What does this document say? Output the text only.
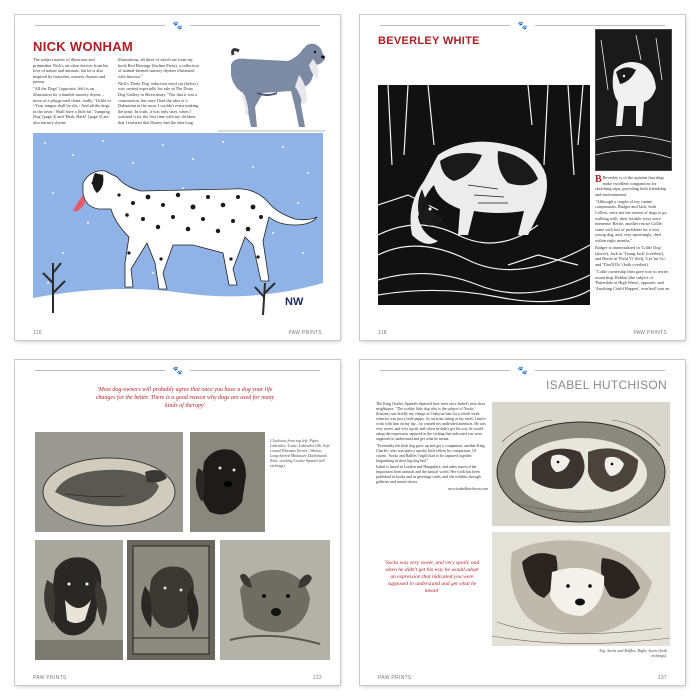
🐾
NICK WONHAM

The subject matter of illustrator and printmaker Nick's art often derives from his love of nature and animals, but he is also inspired by fairytales, nursery rhymes and poems.

"All the Dogs" (opposite, left) is an illustration for a humble nursery rhyme – more of a playground chant, really: 'Tickle tit / Your tongue shall be slit, / And all the dogs in the town / Shall have a little bit.' 'Jumping Dog' [page 4] and 'Hark, Hark!' [page 5] are also nursery rhyme

illustrations, all three of which are from my book Red Herrings (Incline Press), a collection of animal-themed nursery rhymes illustrated with linocuts."

Nick's 'Dotty Dog' reduction vinyl cut (below) was created especially for sale in The Dotty Dog Gallery in Shrewsbury. "Not that it was a commission, but once I had the idea of a Dalmatian in the snow I couldn't resist making the print. In truth, it was only later, when I watched it for the first time with my children, that I realized that Disney had the idea long

NW
116	PAW PRINTS
🐾
BEVERLEY WHITE

B Beverley is of the opinion that dogs make excellent companions for sketching trips, providing both friendship and entertainment.

"Although a couple of my canine companions, Badger and Jack, both Collies, were not the easiest of dogs to go walking with, their lovable ways were immense. Bertie, another rescue Collie, came with lots of problems for a very young dog, and, very upsettingly, died within eight months."

Badger is immortalized in 'Collie Dog' (above), Jack in 'Young Jack' (overleaf), and Bertie in 'Field Vi' (left), 'Let 'im Go' and 'That'll Do' (both overleaf).

"Collie ownership then gave way to terrier ownership. Robbie [the subject of 'Patterdale at High Water', opposite, and 'Anything Could Happen', overleaf] was an

118	PAW PRINTS
🐾
'Most dog-owners will probably agree that once you have a dog your life changes for the better. There is a good reason why dogs are used for many kinds of therapy'
Clockwise from top left: Piper, Labrador; Louie, Labrador GB; Soft-coated Wheaten Terrier; Winnie, Long-haired Miniature Dachshund; Zola, working Cocker Spaniel (all etchings).
PAW PRINTS	122
🐾
ISABEL HUTCHISON

The King Charles Spaniels depicted here were once Isabel's next-door neighbours. "The scabby little dog who is the subject of 'Socks' (bottom) was briefly my charge as I babysat him for a whole week when he was just a little puppy. As an artist sitting at my easel, I had to work with him on my lap – he wanted my undivided attention. He was very sweet, and very spoilt, and when he didn't get his way he would adopt the expression captured in the etching that indicated you were supposed to understand and get what he meant.

"Eventually the little dog grew up and got a companion, another King Charles, who was quite a spooky little fellow by comparison. Of course, 'Socks and Raffles' (right) had to be captured together languishing in their big dog bed."

Isabel is based in London and Hampshire, and takes much of her inspiration from animals and the natural world. Her work has been published in books and as greetings cards, and she exhibits through galleries and mixed shows.

www.isabelhutchison.com

'Socks was very sweet, and very spoilt, and when he didn't get his way he would adopt an expression that indicated you were supposed to understand and get what he meant'
Top: Socks and Raffles. Right: Socks (both etchings).
PAW PRINTS	137
